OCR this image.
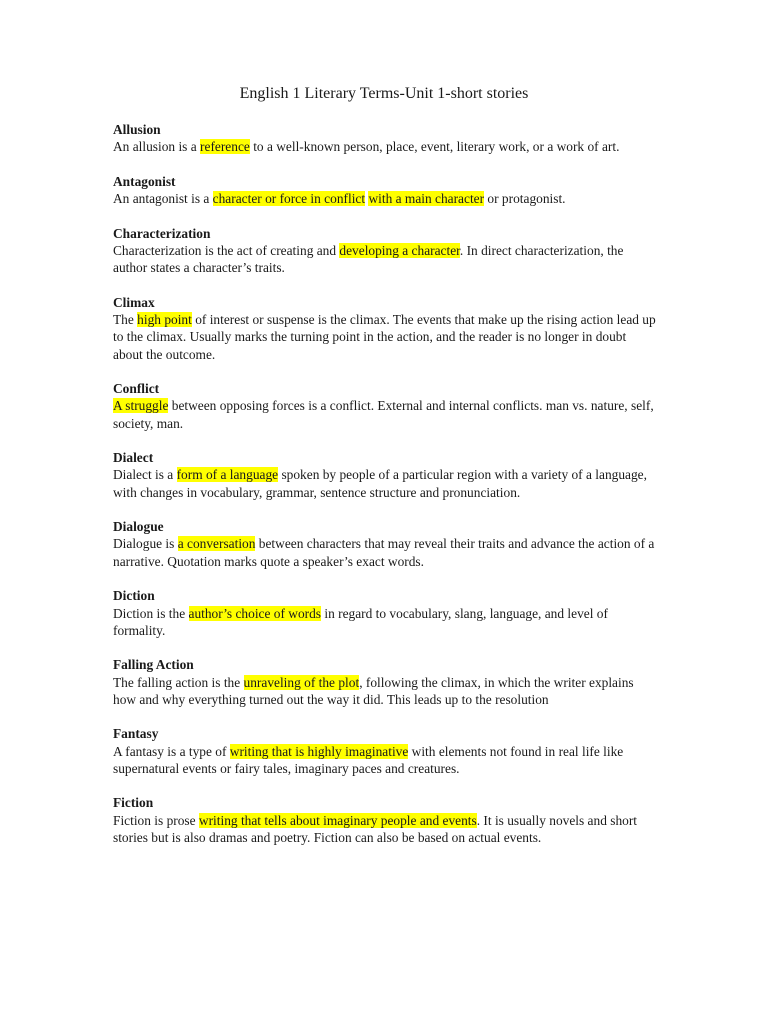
English 1 Literary Terms-Unit 1-short stories
Allusion
An allusion is a reference to a well-known person, place, event, literary work, or a work of art.
Antagonist
An antagonist is a character or force in conflict with a main character or protagonist.
Characterization
Characterization is the act of creating and developing a character. In direct characterization, the author states a character’s traits.
Climax
The high point of interest or suspense is the climax. The events that make up the rising action lead up to the climax. Usually marks the turning point in the action, and the reader is no longer in doubt about the outcome.
Conflict
A struggle between opposing forces is a conflict. External and internal conflicts. man vs. nature, self, society, man.
Dialect
Dialect is a form of a language spoken by people of a particular region with a variety of a language, with changes in vocabulary, grammar, sentence structure and pronunciation.
Dialogue
Dialogue is a conversation between characters that may reveal their traits and advance the action of a narrative. Quotation marks quote a speaker’s exact words.
Diction
Diction is the author’s choice of words in regard to vocabulary, slang, language, and level of formality.
Falling Action
The falling action is the unraveling of the plot, following the climax, in which the writer explains how and why everything turned out the way it did. This leads up to the resolution
Fantasy
A fantasy is a type of writing that is highly imaginative with elements not found in real life like supernatural events or fairy tales, imaginary paces and creatures.
Fiction
Fiction is prose writing that tells about imaginary people and events. It is usually novels and short stories but is also dramas and poetry. Fiction can also be based on actual events.
